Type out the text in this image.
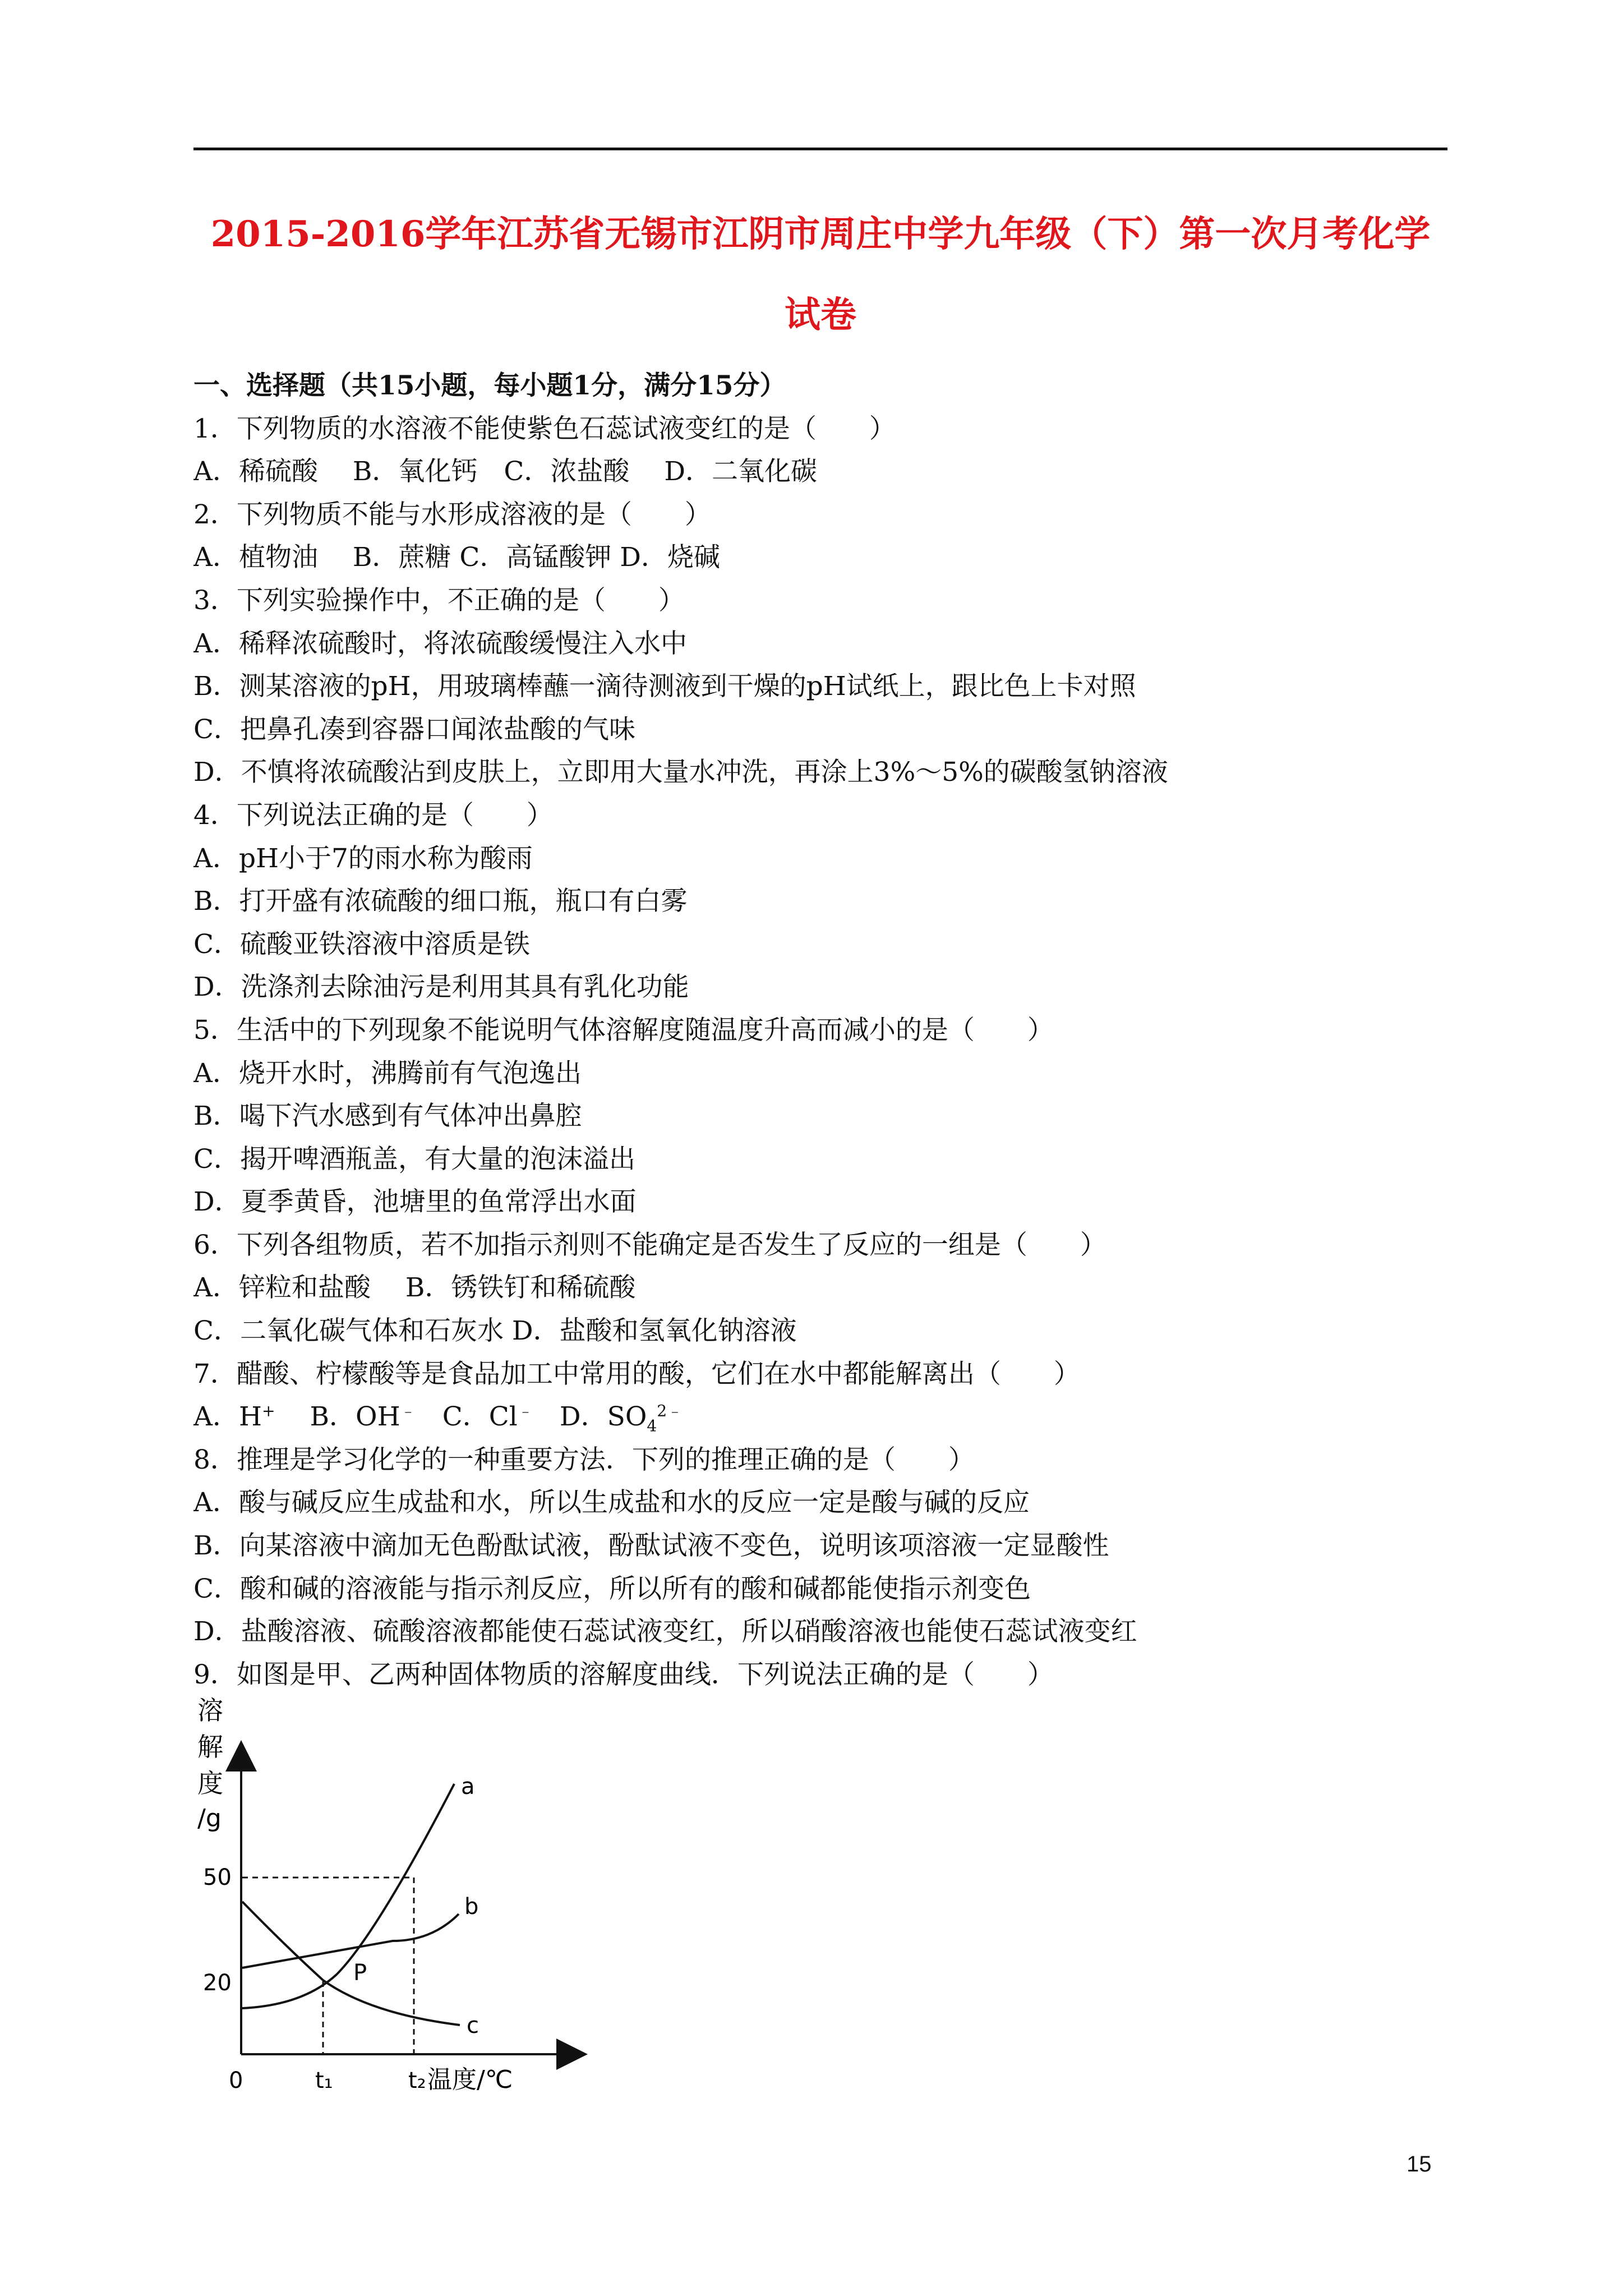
2015-2016学年江苏省无锡市江阴市周庄中学九年级（下）第一次月考化学
试卷
一、选择题（共15小题，每小题1分，满分15分）
1．下列物质的水溶液不能使紫色石蕊试液变红的是（　　）
A．稀硫酸　 B．氧化钙　C．浓盐酸　 D．二氧化碳
2．下列物质不能与水形成溶液的是（　　）
A．植物油　 B．蔗糖 C．高锰酸钾 D．烧碱
3．下列实验操作中，不正确的是（　　）
A．稀释浓硫酸时，将浓硫酸缓慢注入水中
B．测某溶液的pH，用玻璃棒蘸一滴待测液到干燥的pH试纸上，跟比色上卡对照
C．把鼻孔凑到容器口闻浓盐酸的气味
D．不慎将浓硫酸沾到皮肤上，立即用大量水冲洗，再涂上3%～5%的碳酸氢钠溶液
4．下列说法正确的是（　　）
A．pH小于7的雨水称为酸雨
B．打开盛有浓硫酸的细口瓶，瓶口有白雾
C．硫酸亚铁溶液中溶质是铁
D．洗涤剂去除油污是利用其具有乳化功能
5．生活中的下列现象不能说明气体溶解度随温度升高而减小的是（　　）
A．烧开水时，沸腾前有气泡逸出
B．喝下汽水感到有气体冲出鼻腔
C．揭开啤酒瓶盖，有大量的泡沫溢出
D．夏季黄昏，池塘里的鱼常浮出水面
6．下列各组物质，若不加指示剂则不能确定是否发生了反应的一组是（　　）
A．锌粒和盐酸　 B．锈铁钉和稀硫酸
C．二氧化碳气体和石灰水 D．盐酸和氢氧化钠溶液
7．醋酸、柠檬酸等是食品加工中常用的酸，它们在水中都能解离出（　　）
A．H+　 B．OH﹣　C．Cl﹣　D．$SO_4^{2﹣}$
8．推理是学习化学的一种重要方法．下列的推理正确的是（　　）
A．酸与碱反应生成盐和水，所以生成盐和水的反应一定是酸与碱的反应
B．向某溶液中滴加无色酚酞试液，酚酞试液不变色，说明该项溶液一定显酸性
C．酸和碱的溶液能与指示剂反应，所以所有的酸和碱都能使指示剂变色
D．盐酸溶液、硫酸溶液都能使石蕊试液变红，所以硝酸溶液也能使石蕊试液变红
9．如图是甲、乙两种固体物质的溶解度曲线．下列说法正确的是（　　）
溶
解
度
/g
50
20
0	t₁	t₂ 温度/℃
a
b
c
P
15
